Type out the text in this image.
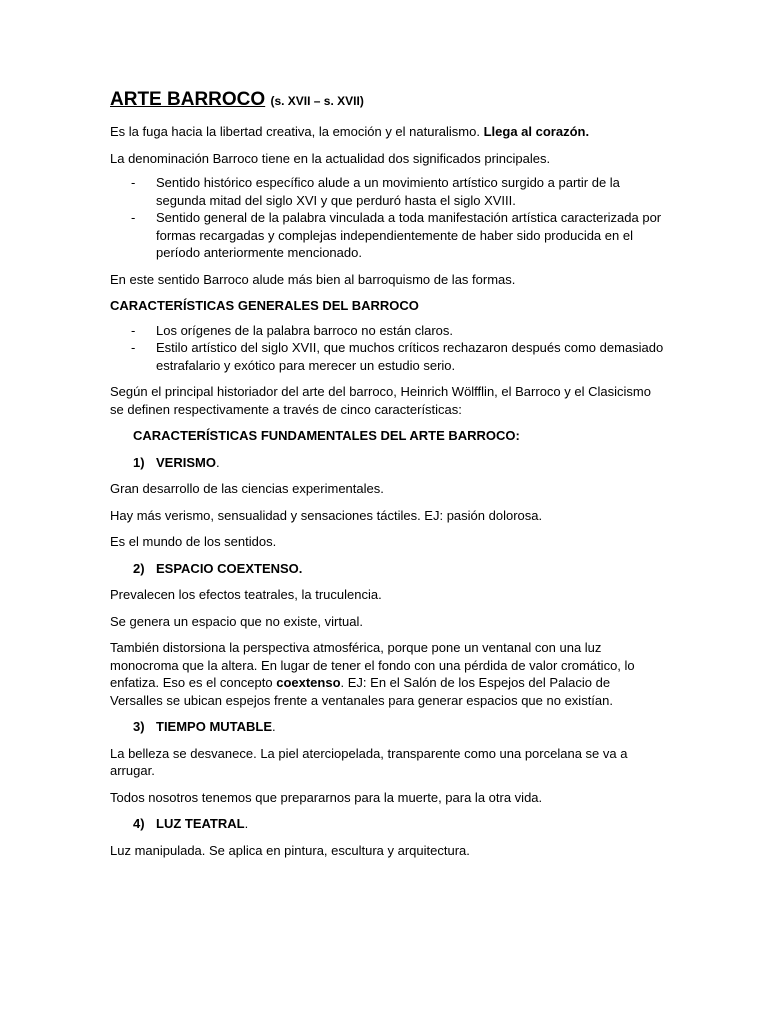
ARTE BARROCO (s. XVII – s. XVII)

Es la fuga hacia la libertad creativa, la emoción y el naturalismo. Llega al corazón.

La denominación Barroco tiene en la actualidad dos significados principales.

- Sentido histórico específico alude a un movimiento artístico surgido a partir de la segunda mitad del siglo XVI y que perduró hasta el siglo XVIII.
- Sentido general de la palabra vinculada a toda manifestación artística caracterizada por formas recargadas y complejas independientemente de haber sido producida en el período anteriormente mencionado.

En este sentido Barroco alude más bien al barroquismo de las formas.

CARACTERÍSTICAS GENERALES DEL BARROCO

- Los orígenes de la palabra barroco no están claros.
- Estilo artístico del siglo XVII, que muchos críticos rechazaron después como demasiado estrafalario y exótico para merecer un estudio serio.

Según el principal historiador del arte del barroco, Heinrich Wölfflin, el Barroco y el Clasicismo se definen respectivamente a través de cinco características:

CARACTERÍSTICAS FUNDAMENTALES DEL ARTE BARROCO:

1) VERISMO.

Gran desarrollo de las ciencias experimentales.

Hay más verismo, sensualidad y sensaciones táctiles. EJ: pasión dolorosa.

Es el mundo de los sentidos.

2) ESPACIO COEXTENSO.

Prevalecen los efectos teatrales, la truculencia.

Se genera un espacio que no existe, virtual.

También distorsiona la perspectiva atmosférica, porque pone un ventanal con una luz monocroma que la altera. En lugar de tener el fondo con una pérdida de valor cromático, lo enfatiza. Eso es el concepto coextenso. EJ: En el Salón de los Espejos del Palacio de Versalles se ubican espejos frente a ventanales para generar espacios que no existían.

3) TIEMPO MUTABLE.

La belleza se desvanece. La piel aterciopelada, transparente como una porcelana se va a arrugar.

Todos nosotros tenemos que prepararnos para la muerte, para la otra vida.

4) LUZ TEATRAL.

Luz manipulada. Se aplica en pintura, escultura y arquitectura.
